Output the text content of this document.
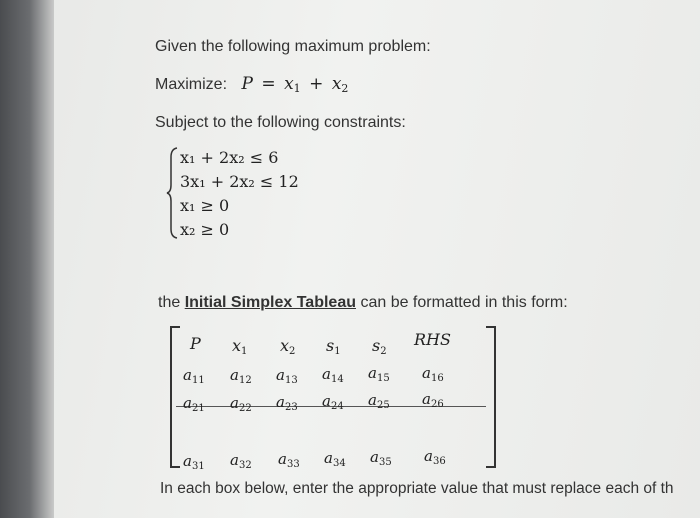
Given the following maximum problem:
Maximize: $P = x_1 + x_2$
Subject to the following constraints:
x₁ + 2x₂ ≤ 6
3x₁ + 2x₂ ≤ 12
x₁ ≥ 0
x₂ ≥ 0
the Initial Simplex Tableau can be formatted in this form:
P $x_1$ $x_2$ $s_1$ $s_2$
RHS
$a_{11}$ $a_{12}$ $a_{13}$ $a_{14}$ $a_{15}$ $a_{16}$
$a_{21}$ $a_{22}$ $a_{23}$ $a_{24}$ $a_{25}$ $a_{26}$
$a_{31}$ $a_{32}$ $a_{33}$ $a_{34}$ $a_{35}$ $a_{36}$
In each box below, enter the appropriate value that must replace each of th
